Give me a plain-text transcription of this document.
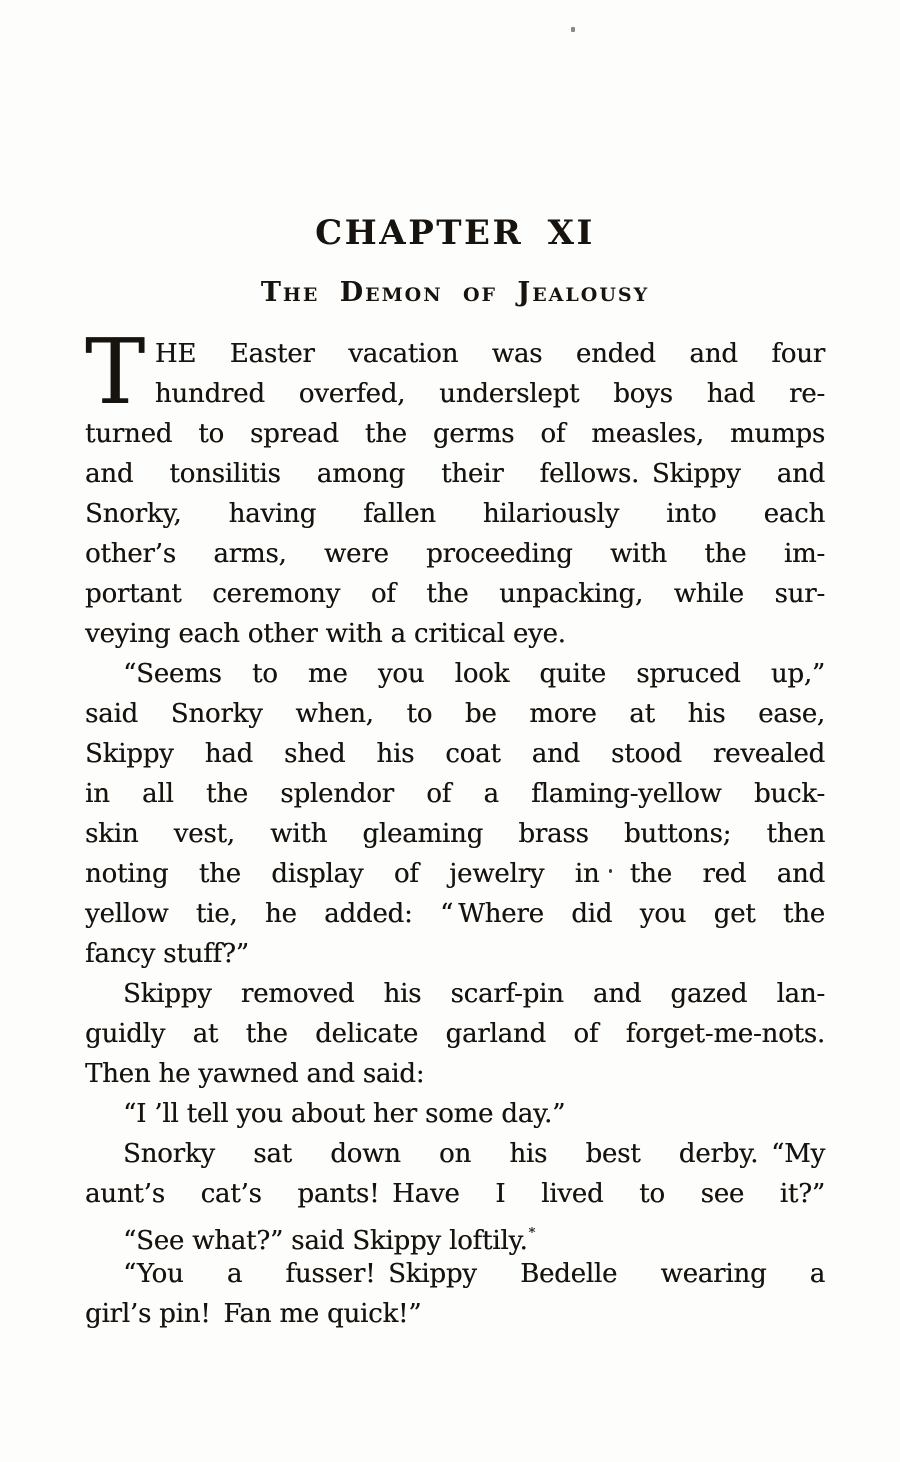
CHAPTER XI
The Demon of Jealousy
T HE Easter vacation was ended and four
hundred overfed, underslept boys had re-
turned to spread the germs of measles, mumps
and tonsilitis among their fellows. Skippy and
Snorky, having fallen hilariously into each
other’s arms, were proceeding with the im-
portant ceremony of the unpacking, while sur-
veying each other with a critical eye.
“Seems to me you look quite spruced up,”
said Snorky when, to be more at his ease,
Skippy had shed his coat and stood revealed
in all the splendor of a flaming-yellow buck-
skin vest, with gleaming brass buttons; then
noting the display of jewelry in the red and
yellow tie, he added: “ Where did you get the
fancy stuff?”
Skippy removed his scarf-pin and gazed lan-
guidly at the delicate garland of forget-me-nots.
Then he yawned and said:
“I ’ll tell you about her some day.”
Snorky sat down on his best derby. “My
aunt’s cat’s pants! Have I lived to see it?”
“See what?” said Skippy loftily.*
“You a fusser! Skippy Bedelle wearing a
girl’s pin! Fan me quick!”
